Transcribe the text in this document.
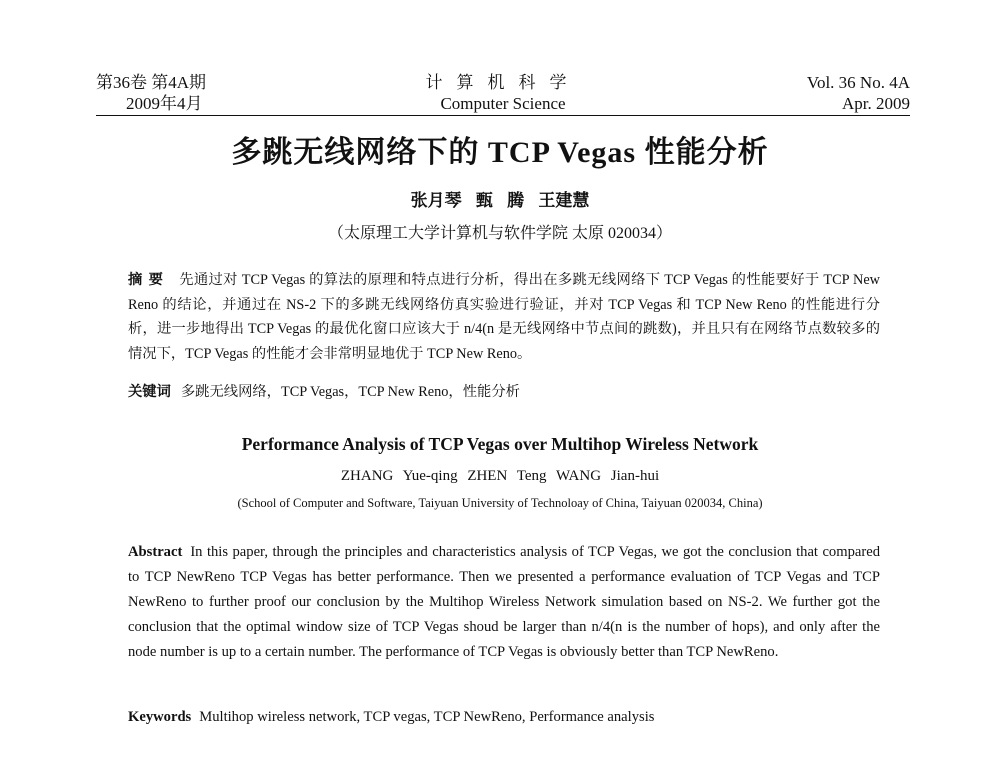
第36卷 第4A期
2009年4月
计算机科学
Computer Science
Vol. 36 No. 4A
Apr. 2009
多跳无线网络下的 TCP Vegas 性能分析
张月琴 甄 腾 王建慧
（太原理工大学计算机与软件学院 太原 020034）
摘要 先通过对 TCP Vegas 的算法的原理和特点进行分析，得出在多跳无线网络下 TCP Vegas 的性能要好于 TCP New Reno 的结论，并通过在 NS-2 下的多跳无线网络仿真实验进行验证，并对 TCP Vegas 和 TCP New Reno 的性能进行分析，进一步地得出 TCP Vegas 的最优化窗口应该大于 n/4(n 是无线网络中节点间的跳数)，并且只有在网络节点数较多的情况下，TCP Vegas 的性能才会非常明显地优于 TCP New Reno。
关键词 多跳无线网络，TCP Vegas，TCP New Reno，性能分析
Performance Analysis of TCP Vegas over Multihop Wireless Network
ZHANG Yue-qing ZHEN Teng WANG Jian-hui
(School of Computer and Software, Taiyuan University of Technoloay of China, Taiyuan 020034, China)
Abstract In this paper, through the principles and characteristics analysis of TCP Vegas, we got the conclusion that compared to TCP NewReno TCP Vegas has better performance. Then we presented a performance evaluation of TCP Vegas and TCP NewReno to further proof our conclusion by the Multihop Wireless Network simulation based on NS-2. We further got the conclusion that the optimal window size of TCP Vegas shoud be larger than n/4(n is the number of hops), and only after the node number is up to a certain number. The performance of TCP Vegas is obviously better than TCP NewReno.
Keywords Multihop wireless network, TCP vegas, TCP NewReno, Performance analysis
